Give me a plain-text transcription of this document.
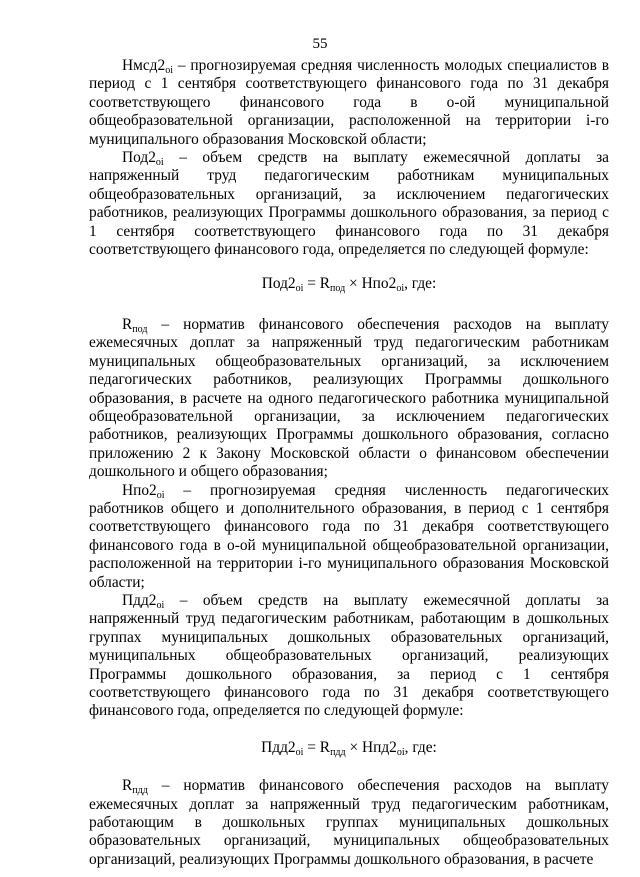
55

$Нмсд2_{oi}$ – прогнозируемая средняя численность молодых специалистов в период с 1 сентября соответствующего финансового года по 31 декабря соответствующего финансового года в о-ой муниципальной общеобразовательной организации, расположенной на территории i-го муниципального образования Московской области;

$Под2_{oi}$ – объем средств на выплату ежемесячной доплаты за напряженный труд педагогическим работникам муниципальных общеобразовательных организаций, за исключением педагогических работников, реализующих Программы дошкольного образования, за период с 1 сентября соответствующего финансового года по 31 декабря соответствующего финансового года, определяется по следующей формуле:

$Под2_{oi} = R_{под} \times Нпо2_{oi}$, где:

$R_{под}$ – норматив финансового обеспечения расходов на выплату ежемесячных доплат за напряженный труд педагогическим работникам муниципальных общеобразовательных организаций, за исключением педагогических работников, реализующих Программы дошкольного образования, в расчете на одного педагогического работника муниципальной общеобразовательной организации, за исключением педагогических работников, реализующих Программы дошкольного образования, согласно приложению 2 к Закону Московской области о финансовом обеспечении дошкольного и общего образования;

$Нпо2_{oi}$ – прогнозируемая средняя численность педагогических работников общего и дополнительного образования, в период с 1 сентября соответствующего финансового года по 31 декабря соответствующего финансового года в о-ой муниципальной общеобразовательной организации, расположенной на территории i-го муниципального образования Московской области;

$Пдд2_{oi}$ – объем средств на выплату ежемесячной доплаты за напряженный труд педагогическим работникам, работающим в дошкольных группах муниципальных дошкольных образовательных организаций, муниципальных общеобразовательных организаций, реализующих Программы дошкольного образования, за период с 1 сентября соответствующего финансового года по 31 декабря соответствующего финансового года, определяется по следующей формуле:

$Пдд2_{oi} = R_{пдд} \times Нпд2_{oi}$, где:

$R_{пдд}$ – норматив финансового обеспечения расходов на выплату ежемесячных доплат за напряженный труд педагогическим работникам, работающим в дошкольных группах муниципальных дошкольных образовательных организаций, муниципальных общеобразовательных организаций, реализующих Программы дошкольного образования, в расчете
